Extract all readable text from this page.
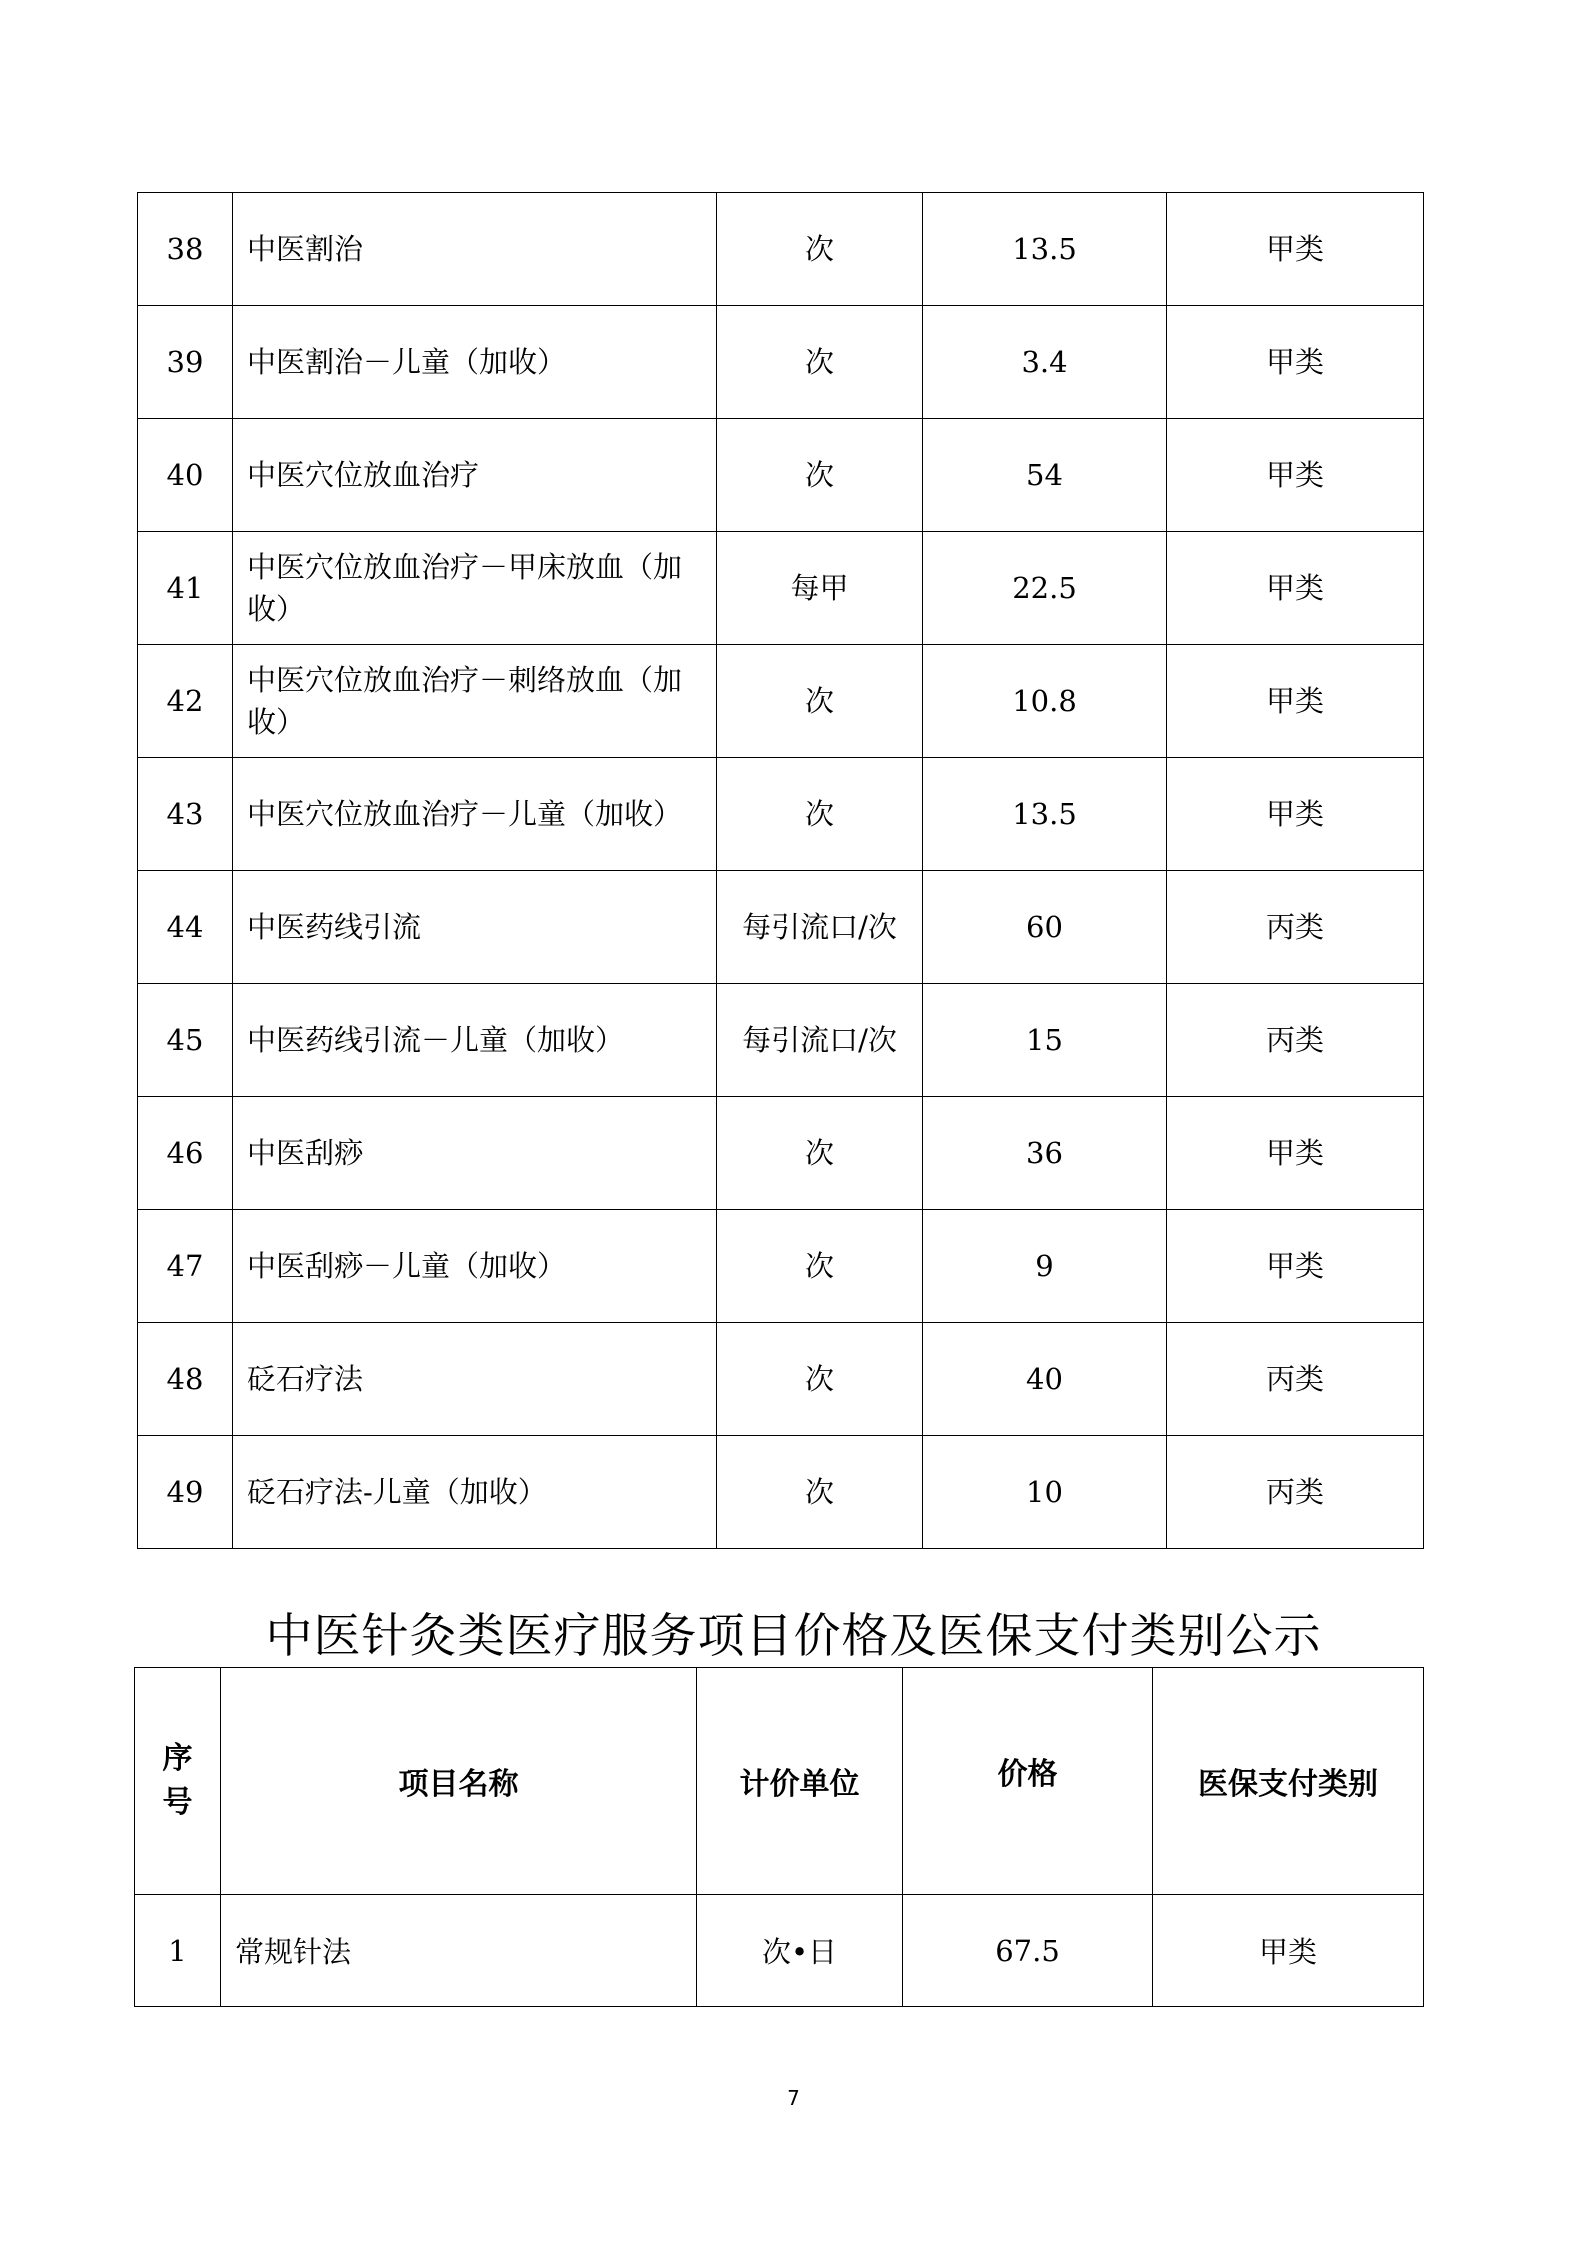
38	中医割治	次	13.5	甲类
39	中医割治－儿童（加收）	次	3.4	甲类
40	中医穴位放血治疗	次	54	甲类
41	中医穴位放血治疗－甲床放血（加收）	每甲	22.5	甲类
42	中医穴位放血治疗－刺络放血（加收）	次	10.8	甲类
43	中医穴位放血治疗－儿童（加收）	次	13.5	甲类
44	中医药线引流	每引流口/次	60	丙类
45	中医药线引流－儿童（加收）	每引流口/次	15	丙类
46	中医刮痧	次	36	甲类
47	中医刮痧－儿童（加收）	次	9	甲类
48	砭石疗法	次	40	丙类
49	砭石疗法-儿童（加收）	次	10	丙类
中医针灸类医疗服务项目价格及医保支付类别公示
序
号	项目名称	计价单位	价格	医保支付类别
1	常规针法	次•日	67.5	甲类
7
